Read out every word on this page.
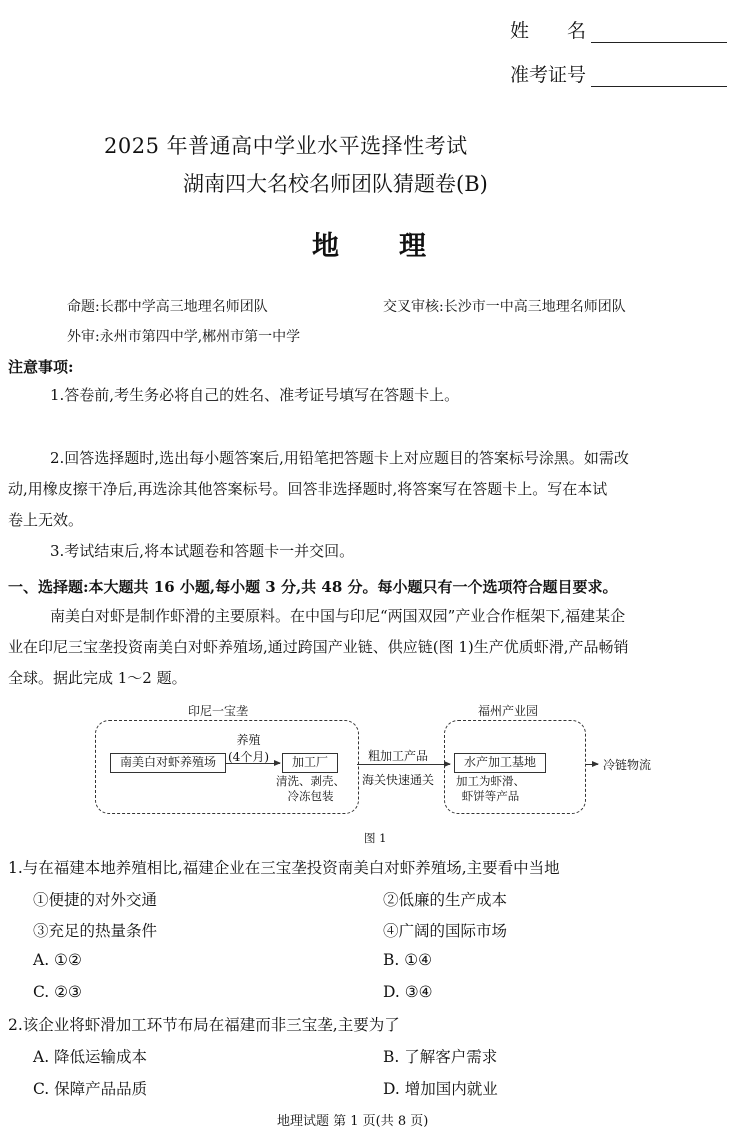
姓　　名
准考证号
2025 年普通高中学业水平选择性考试
湖南四大名校名师团队猜题卷(B)
地　　理
命题:长郡中学高三地理名师团队	交叉审核:长沙市一中高三地理名师团队
外审:永州市第四中学,郴州市第一中学
注意事项:
1.答卷前,考生务必将自己的姓名、准考证号填写在答题卡上。
2.回答选择题时,选出每小题答案后,用铅笔把答题卡上对应题目的答案标号涂黑。如需改
动,用橡皮擦干净后,再选涂其他答案标号。回答非选择题时,将答案写在答题卡上。写在本试
卷上无效。
3.考试结束后,将本试题卷和答题卡一并交回。
一、选择题:本大题共 16 小题,每小题 3 分,共 48 分。每小题只有一个选项符合题目要求。
南美白对虾是制作虾滑的主要原料。在中国与印尼“两国双园”产业合作框架下,福建某企
业在印尼三宝垄投资南美白对虾养殖场,通过跨国产业链、供应链(图 1)生产优质虾滑,产品畅销
全球。据此完成 1～2 题。
印尼一宝垄	福州产业园
南美白对虾养殖场
养殖
(4个月)	加工厂
清洗、剥壳、
冷冻包装
粗加工产品
海关快速通关
水产加工基地
加工为虾滑、
虾饼等产品
冷链物流
图 1
1.与在福建本地养殖相比,福建企业在三宝垄投资南美白对虾养殖场,主要看中当地
①便捷的对外交通	②低廉的生产成本
③充足的热量条件	④广阔的国际市场
A. ①②	B. ①④
C. ②③	D. ③④
2.该企业将虾滑加工环节布局在福建而非三宝垄,主要为了
A. 降低运输成本	B. 了解客户需求
C. 保障产品品质	D. 增加国内就业
地理试题 第 1 页(共 8 页)
